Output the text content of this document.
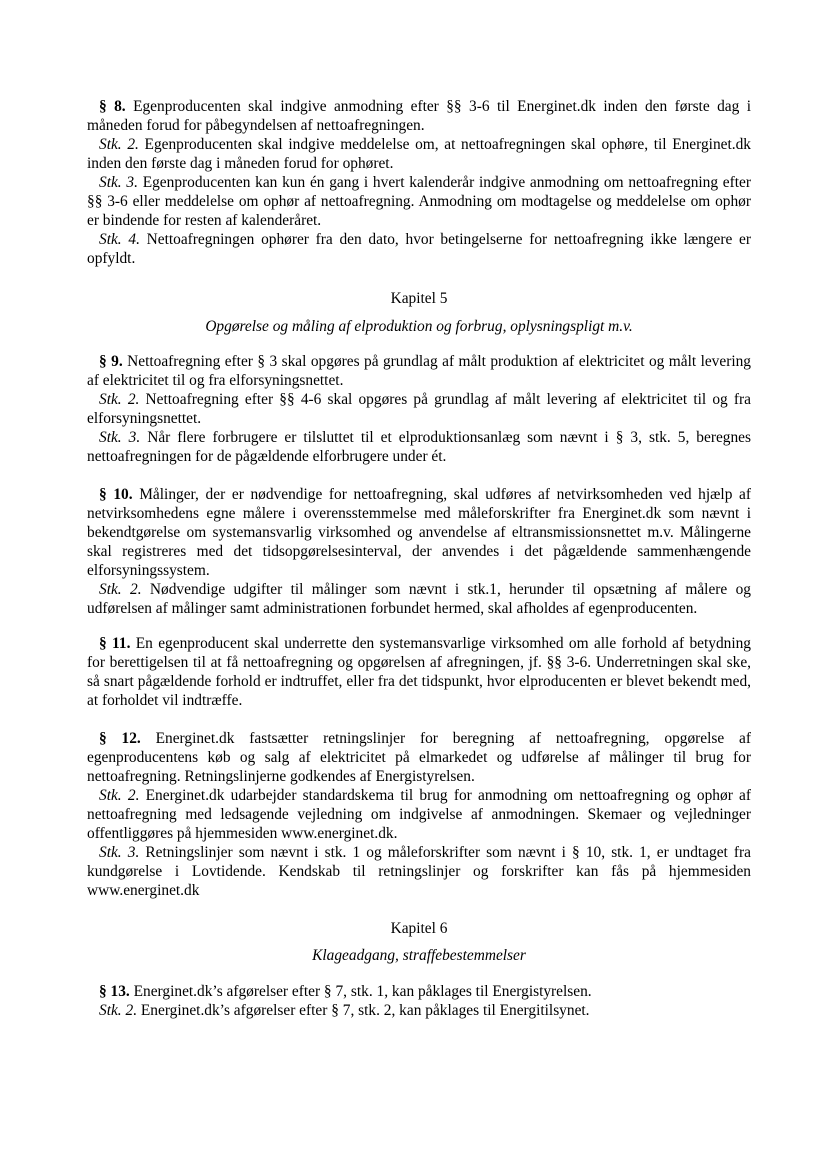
§ 8. Egenproducenten skal indgive anmodning efter §§ 3-6 til Energinet.dk inden den første dag i måneden forud for påbegyndelsen af nettoafregningen.

Stk. 2. Egenproducenten skal indgive meddelelse om, at nettoafregningen skal ophøre, til Energinet.dk inden den første dag i måneden forud for ophøret.

Stk. 3. Egenproducenten kan kun én gang i hvert kalenderår indgive anmodning om nettoafregning efter §§ 3-6 eller meddelelse om ophør af nettoafregning. Anmodning om modtagelse og meddelelse om ophør er bindende for resten af kalenderåret.

Stk. 4. Nettoafregningen ophører fra den dato, hvor betingelserne for nettoafregning ikke længere er opfyldt.

Kapitel 5

Opgørelse og måling af elproduktion og forbrug, oplysningspligt m.v.

§ 9. Nettoafregning efter § 3 skal opgøres på grundlag af målt produktion af elektricitet og målt levering af elektricitet til og fra elforsyningsnettet.

Stk. 2. Nettoafregning efter §§ 4-6 skal opgøres på grundlag af målt levering af elektricitet til og fra elforsyningsnettet.

Stk. 3. Når flere forbrugere er tilsluttet til et elproduktionsanlæg som nævnt i § 3, stk. 5, beregnes nettoafregningen for de pågældende elforbrugere under ét.

§ 10. Målinger, der er nødvendige for nettoafregning, skal udføres af netvirksomheden ved hjælp af netvirksomhedens egne målere i overensstemmelse med måleforskrifter fra Energinet.dk som nævnt i bekendtgørelse om systemansvarlig virksomhed og anvendelse af eltransmissionsnettet m.v. Målingerne skal registreres med det tidsopgørelsesinterval, der anvendes i det pågældende sammenhængende elforsyningssystem.

Stk. 2. Nødvendige udgifter til målinger som nævnt i stk.1, herunder til opsætning af målere og udførelsen af målinger samt administrationen forbundet hermed, skal afholdes af egenproducenten.

§ 11. En egenproducent skal underrette den systemansvarlige virksomhed om alle forhold af betydning for berettigelsen til at få nettoafregning og opgørelsen af afregningen, jf. §§ 3-6. Underretningen skal ske, så snart pågældende forhold er indtruffet, eller fra det tidspunkt, hvor elproducenten er blevet bekendt med, at forholdet vil indtræffe.

§ 12. Energinet.dk fastsætter retningslinjer for beregning af nettoafregning, opgørelse af egenproducentens køb og salg af elektricitet på elmarkedet og udførelse af målinger til brug for nettoafregning. Retningslinjerne godkendes af Energistyrelsen.

Stk. 2. Energinet.dk udarbejder standardskema til brug for anmodning om nettoafregning og ophør af nettoafregning med ledsagende vejledning om indgivelse af anmodningen. Skemaer og vejledninger offentliggøres på hjemmesiden www.energinet.dk.

Stk. 3. Retningslinjer som nævnt i stk. 1 og måleforskrifter som nævnt i § 10, stk. 1, er undtaget fra kundgørelse i Lovtidende. Kendskab til retningslinjer og forskrifter kan fås på hjemmesiden www.energinet.dk

Kapitel 6

Klageadgang, straffebestemmelser

§ 13. Energinet.dk’s afgørelser efter § 7, stk. 1, kan påklages til Energistyrelsen.

Stk. 2. Energinet.dk’s afgørelser efter § 7, stk. 2, kan påklages til Energitilsynet.
